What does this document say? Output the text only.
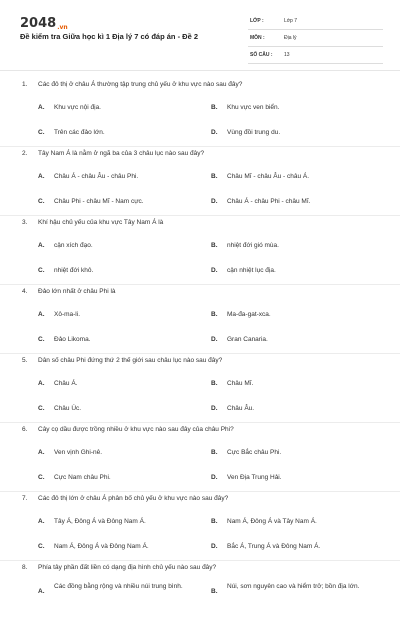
2048.vn
Đề kiểm tra Giữa học kì 1 Địa lý 7 có đáp án - Đề 2
LỚP :	Lớp 7
MÔN :	Địa lý
SỐ CÂU : 13
1. Các đô thị ở châu Á thường tập trung chủ yếu ở khu vực nào sau đây?
A. Khu vực nội địa.	B. Khu vực ven biển.
C. Trên các đảo lớn.	D. Vùng đồi trung du.
2. Tây Nam Á là nằm ở ngã ba của 3 châu lục nào sau đây?
A. Châu Á - châu Âu - châu Phi.	B. Châu Mĩ - châu Âu - châu Á.
C. Châu Phi - châu Mĩ - Nam cực.	D. Châu Á - châu Phi - châu Mĩ.
3. Khí hậu chủ yếu của khu vực Tây Nam Á là
A. cận xích đạo.	B. nhiệt đới gió mùa.
C. nhiệt đới khô.	D. cận nhiệt lục địa.
4. Đảo lớn nhất ở châu Phi là
A. Xô-ma-li.	B. Ma-đa-gat-xca.
C. Đảo Likoma.	D. Gran Canaria.
5. Dân số châu Phi đứng thứ 2 thế giới sau châu lục nào sau đây?
A. Châu Á.	B. Châu Mĩ.
C. Châu Úc.	D. Châu Âu.
6. Cây cọ dầu được trồng nhiều ở khu vực nào sau đây của châu Phi?
A. Ven vịnh Ghi-nê.	B. Cực Bắc châu Phi.
C. Cực Nam châu Phi.	D. Ven Địa Trung Hải.
7. Các đô thị lớn ở châu Á phân bố chủ yếu ở khu vực nào sau đây?
A. Tây Á, Đông Á và Đông Nam Á.	B. Nam Á, Đông Á và Tây Nam Á.
C. Nam Á, Đông Á và Đông Nam Á.	D. Bắc Á, Trung Á và Đông Nam Á.
8. Phía tây phần đất liền có dạng địa hình chủ yếu nào sau đây?
A.
Các đồng bằng rộng và nhiều núi trung bình.
B.
Núi, sơn nguyên cao và hiểm trở; bồn địa lớn.
